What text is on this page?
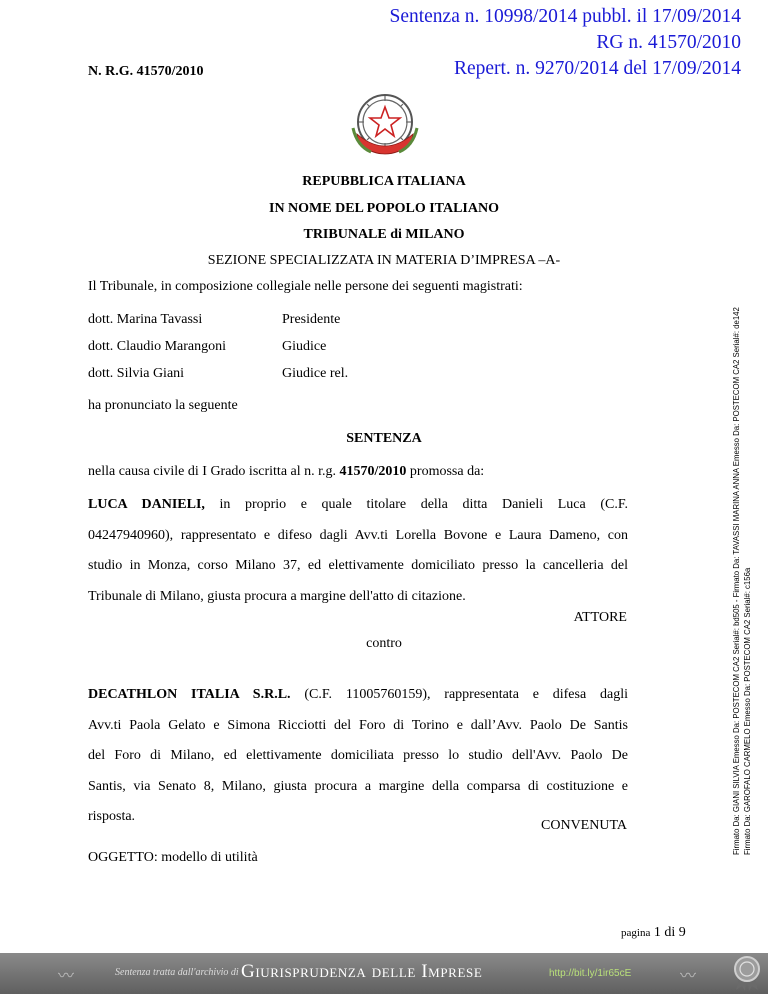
Sentenza n. 10998/2014 pubbl. il 17/09/2014
RG n. 41570/2010
Repert. n. 9270/2014 del 17/09/2014
N. R.G. 41570/2010
REPUBBLICA ITALIANA
IN NOME DEL POPOLO ITALIANO
TRIBUNALE di MILANO
SEZIONE SPECIALIZZATA IN MATERIA D’IMPRESA –A-
Il Tribunale, in composizione collegiale nelle persone dei seguenti magistrati:
dott. Marina Tavassi	Presidente
dott. Claudio Marangoni	Giudice
dott. Silvia Giani	Giudice rel.
ha pronunciato la seguente
SENTENZA
nella causa civile di I Grado iscritta al n. r.g. 41570/2010 promossa da:
LUCA DANIELI, in proprio e quale titolare della ditta Danieli Luca (C.F.
04247940960), rappresentato e difeso dagli Avv.ti Lorella Bovone e Laura Dameno, con
studio in Monza, corso Milano 37, ed elettivamente domiciliato presso la cancelleria del
Tribunale di Milano, giusta procura a margine dell'atto di citazione.
ATTORE
contro
DECATHLON ITALIA S.R.L. (C.F. 11005760159), rappresentata e difesa dagli
Avv.ti Paola Gelato e Simona Ricciotti del Foro di Torino e dall’Avv. Paolo De Santis
del Foro di Milano, ed elettivamente domiciliata presso lo studio dell'Avv. Paolo De
Santis, via Senato 8, Milano, giusta procura a margine della comparsa di costituzione e
risposta.
CONVENUTA
OGGETTO: modello di utilità
pagina 1 di 9
Firmato Da: GIANI SILVIA Emesso Da: POSTECOM CA2 Serial#: bd505 - Firmato Da: TAVASSI MARINA ANNA Emesso Da: POSTECOM CA2 Serial#: de142 Firmato Da: GAROFALO CARMELO Emesso Da: POSTECOM CA2 Serial#: c156a
〰	Sentenza tratta dall'archivio di Giurisprudenza delle Imprese	http://bit.ly/1ir65cE	〰
